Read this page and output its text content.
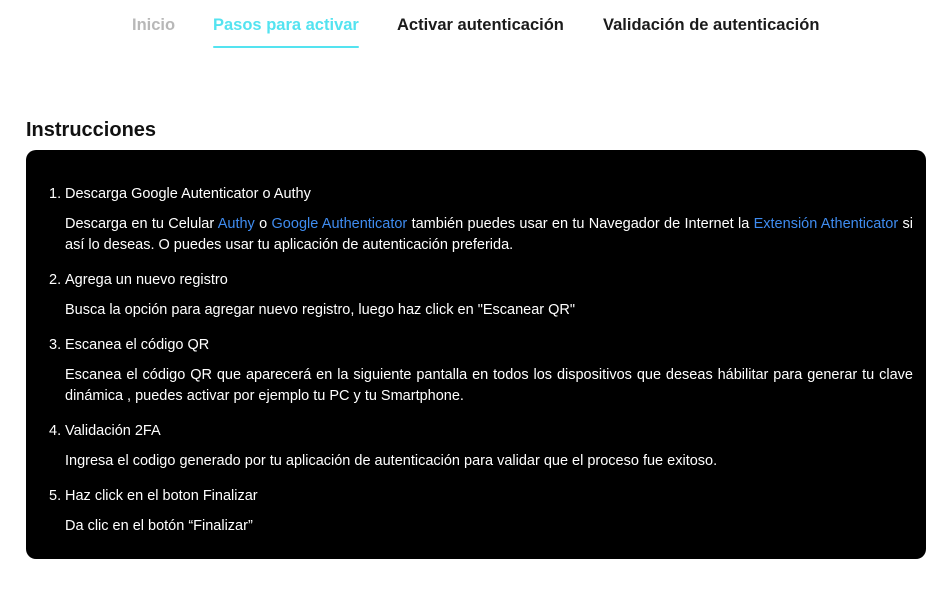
Inicio Pasos para activar Activar autenticación Validación de autenticación
Instrucciones
1. Descarga Google Autenticator o Authy
Descarga en tu Celular Authy o Google Authenticator también puedes usar en tu Navegador de Internet la Extensión Athenticator si así lo deseas. O puedes usar tu aplicación de autenticación preferida.
2. Agrega un nuevo registro
Busca la opción para agregar nuevo registro, luego haz click en "Escanear QR"
3. Escanea el código QR
Escanea el código QR que aparecerá en la siguiente pantalla en todos los dispositivos que deseas hábilitar para generar tu clave dinámica , puedes activar por ejemplo tu PC y tu Smartphone.
4. Validación 2FA
Ingresa el codigo generado por tu aplicación de autenticación para validar que el proceso fue exitoso.
5. Haz click en el boton Finalizar
Da clic en el botón “Finalizar”
